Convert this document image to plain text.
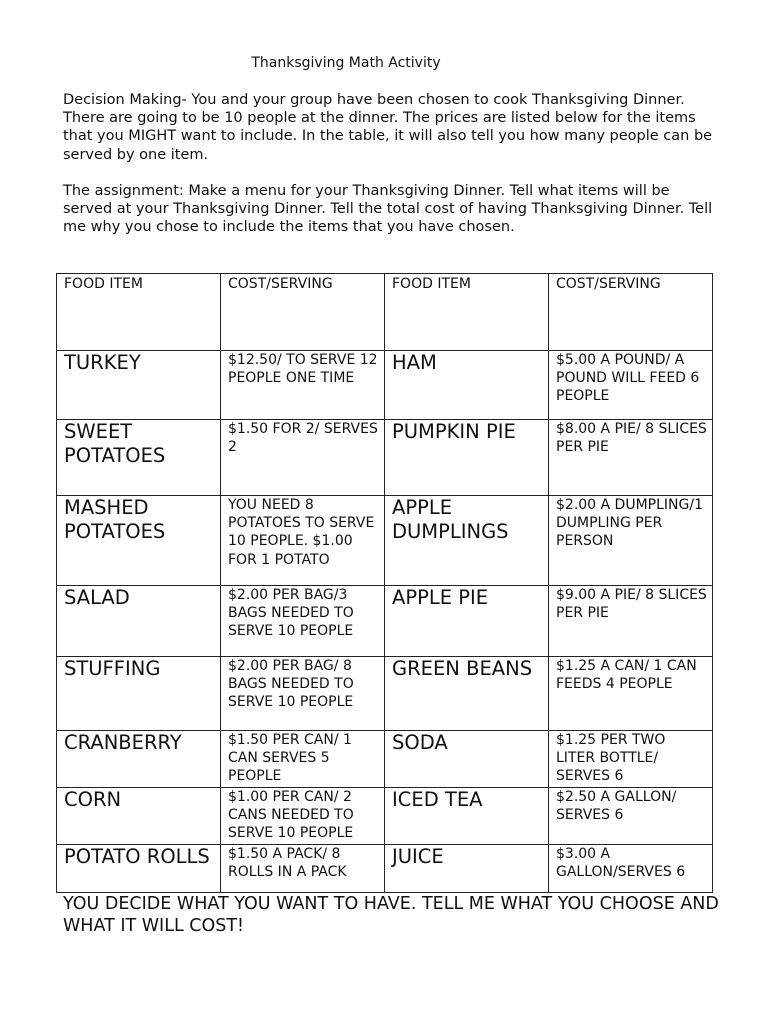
Thanksgiving Math Activity

Decision Making- You and your group have been chosen to cook Thanksgiving Dinner. There are going to be 10 people at the dinner. The prices are listed below for the items that you MIGHT want to include. In the table, it will also tell you how many people can be served by one item.

The assignment: Make a menu for your Thanksgiving Dinner. Tell what items will be served at your Thanksgiving Dinner. Tell the total cost of having Thanksgiving Dinner. Tell me why you chose to include the items that you have chosen.

FOOD ITEM	COST/SERVING	FOOD ITEM	COST/SERVING
TURKEY	$12.50/ TO SERVE 12 PEOPLE ONE TIME	HAM	$5.00 A POUND/ A POUND WILL FEED 6 PEOPLE
SWEET POTATOES	$1.50 FOR 2/ SERVES 2	PUMPKIN PIE	$8.00 A PIE/ 8 SLICES PER PIE
MASHED POTATOES	YOU NEED 8 POTATOES TO SERVE 10 PEOPLE. $1.00 FOR 1 POTATO	APPLE DUMPLINGS	$2.00 A DUMPLING/1 DUMPLING PER PERSON
SALAD	$2.00 PER BAG/3 BAGS NEEDED TO SERVE 10 PEOPLE	APPLE PIE	$9.00 A PIE/ 8 SLICES PER PIE
STUFFING	$2.00 PER BAG/ 8 BAGS NEEDED TO SERVE 10 PEOPLE	GREEN BEANS	$1.25 A CAN/ 1 CAN FEEDS 4 PEOPLE
CRANBERRY	$1.50 PER CAN/ 1 CAN SERVES 5 PEOPLE	SODA	$1.25 PER TWO LITER BOTTLE/ SERVES 6
CORN	$1.00 PER CAN/ 2 CANS NEEDED TO SERVE 10 PEOPLE	ICED TEA	$2.50 A GALLON/ SERVES 6
POTATO ROLLS	$1.50 A PACK/ 8 ROLLS IN A PACK	JUICE	$3.00 A GALLON/SERVES 6
YOU DECIDE WHAT YOU WANT TO HAVE. TELL ME WHAT YOU CHOOSE AND WHAT IT WILL COST!
